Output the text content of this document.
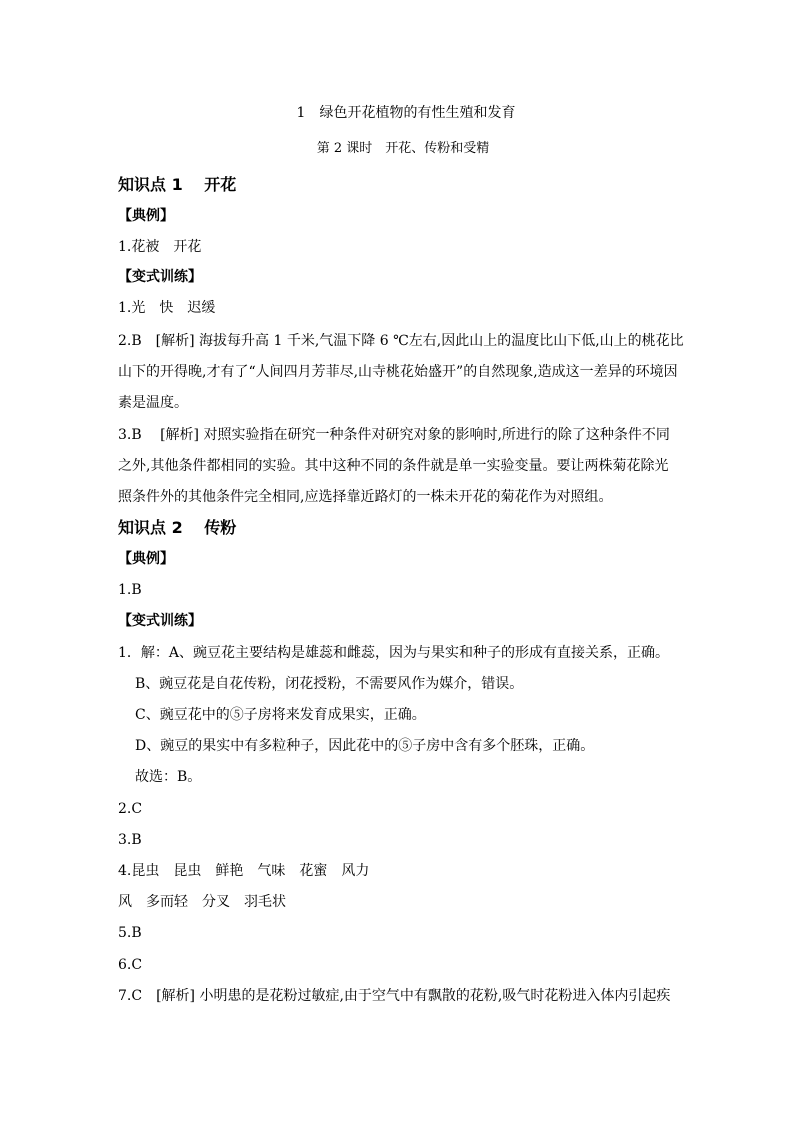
1　绿色开花植物的有性生殖和发育
第 2 课时　开花、传粉和受精
知识点 1　 开花
【典例】
1.花被　开花
【变式训练】
1.光　快　迟缓
2.B　[解析] 海拔每升高 1 千米,气温下降 6 ℃左右,因此山上的温度比山下低,山上的桃花比
山下的开得晚,才有了“人间四月芳菲尽,山寺桃花始盛开”的自然现象,造成这一差异的环境因
素是温度。
3.B　 [解析] 对照实验指在研究一种条件对研究对象的影响时,所进行的除了这种条件不同
之外,其他条件都相同的实验。其中这种不同的条件就是单一实验变量。要让两株菊花除光
照条件外的其他条件完全相同,应选择靠近路灯的一株未开花的菊花作为对照组。
知识点 2　 传粉
【典例】
1.B
【变式训练】
1．解：A、豌豆花主要结构是雄蕊和雌蕊，因为与果实和种子的形成有直接关系，正确。
B、豌豆花是自花传粉，闭花授粉，不需要风作为媒介，错误。
C、豌豆花中的⑤子房将来发育成果实，正确。
D、豌豆的果实中有多粒种子，因此花中的⑤子房中含有多个胚珠，正确。
故选：B。
2.C
3.B
4.昆虫　昆虫　鲜艳　气味　花蜜　风力
风　多而轻　分叉　羽毛状
5.B
6.C
7.C　[解析] 小明患的是花粉过敏症,由于空气中有飘散的花粉,吸气时花粉进入体内引起疾
